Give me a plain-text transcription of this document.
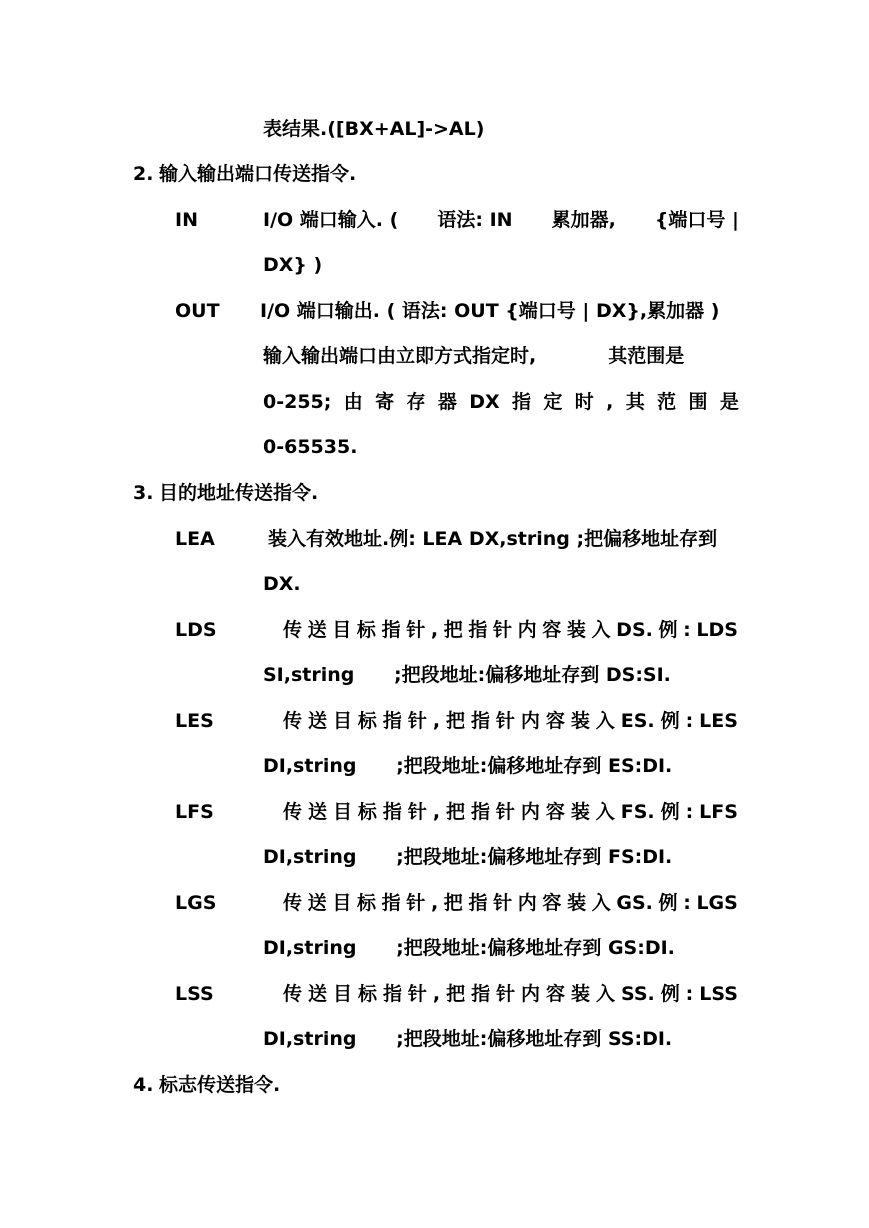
表结果.([BX+AL]->AL)
2. 输入输出端口传送指令.
IN	I/O 端口输入. ( 语法: IN 累加器, {端口号 |
DX} )
OUT I/O 端口输出. ( 语法: OUT {端口号 | DX},累加器 )
输入输出端口由立即方式指定时,	其范围是
0-255; 由 寄 存 器 DX 指 定 时 , 其 范 围 是
0-65535.
3. 目的地址传送指令.
LEA	装入有效地址.例: LEA DX,string ;把偏移地址存到
DX.
LDS	传 送 目 标 指 针 , 把 指 针 内 容 装 入 DS. 例 : LDS
SI,string      ;把段地址:偏移地址存到 DS:SI.
LES	传 送 目 标 指 针 , 把 指 针 内 容 装 入 ES. 例 : LES
DI,string      ;把段地址:偏移地址存到 ES:DI.
LFS	传 送 目 标 指 针 , 把 指 针 内 容 装 入 FS. 例 : LFS
DI,string      ;把段地址:偏移地址存到 FS:DI.
LGS	传 送 目 标 指 针 , 把 指 针 内 容 装 入 GS. 例 : LGS
DI,string      ;把段地址:偏移地址存到 GS:DI.
LSS	传 送 目 标 指 针 , 把 指 针 内 容 装 入 SS. 例 : LSS
DI,string      ;把段地址:偏移地址存到 SS:DI.
4. 标志传送指令.
